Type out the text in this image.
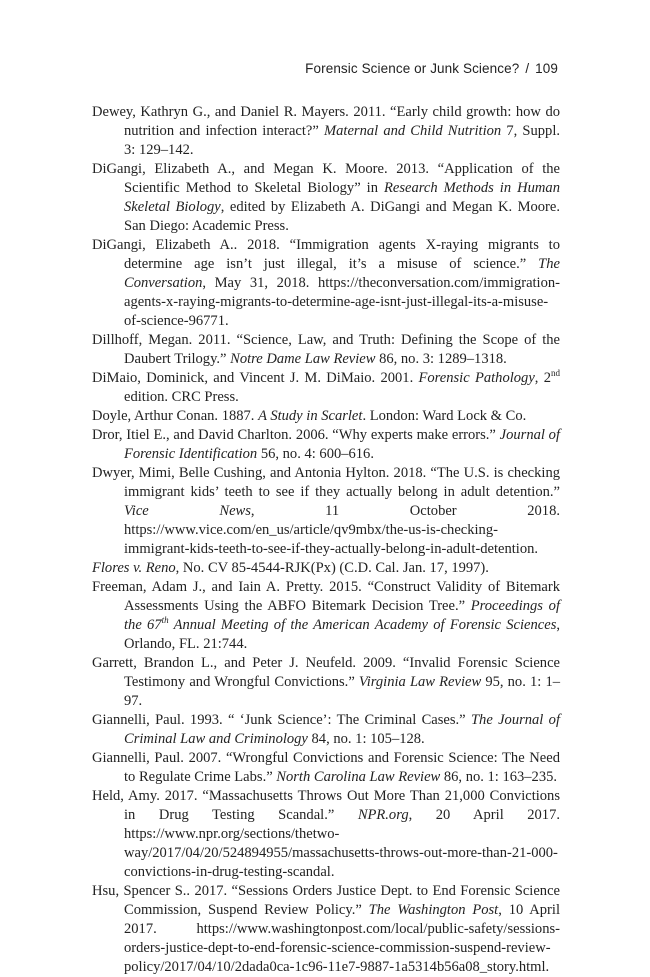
Forensic Science or Junk Science? / 109

Dewey, Kathryn G., and Daniel R. Mayers. 2011. “Early child growth: how do nutrition and infection interact?” Maternal and Child Nutrition 7, Suppl. 3: 129–142.

DiGangi, Elizabeth A., and Megan K. Moore. 2013. “Application of the Scientific Method to Skeletal Biology” in Research Methods in Human Skeletal Biology, edited by Elizabeth A. DiGangi and Megan K. Moore. San Diego: Academic Press.

DiGangi, Elizabeth A.. 2018. “Immigration agents X-raying migrants to determine age isn’t just illegal, it’s a misuse of science.” The Conversation, May 31, 2018. https://theconversation.com/immigration-agents-x-raying-migrants-to-determine-age-isnt-just-illegal-its-a-misuse-of-science-96771.

Dillhoff, Megan. 2011. “Science, Law, and Truth: Defining the Scope of the Daubert Trilogy.” Notre Dame Law Review 86, no. 3: 1289–1318.

DiMaio, Dominick, and Vincent J. M. DiMaio. 2001. Forensic Pathology, 2nd edition. CRC Press.

Doyle, Arthur Conan. 1887. A Study in Scarlet. London: Ward Lock & Co.

Dror, Itiel E., and David Charlton. 2006. “Why experts make errors.” Journal of Forensic Identification 56, no. 4: 600–616.

Dwyer, Mimi, Belle Cushing, and Antonia Hylton. 2018. “The U.S. is checking immigrant kids’ teeth to see if they actually belong in adult detention.” Vice News, 11 October 2018. https://www.vice.com/en_us/article/qv9mbx/the-us-is-checking-immigrant-kids-teeth-to-see-if-they-actually-belong-in-adult-detention.

Flores v. Reno, No. CV 85-4544-RJK(Px) (C.D. Cal. Jan. 17, 1997).

Freeman, Adam J., and Iain A. Pretty. 2015. “Construct Validity of Bitemark Assessments Using the ABFO Bitemark Decision Tree.” Proceedings of the 67th Annual Meeting of the American Academy of Forensic Sciences, Orlando, FL. 21:744.

Garrett, Brandon L., and Peter J. Neufeld. 2009. “Invalid Forensic Science Testimony and Wrongful Convictions.” Virginia Law Review 95, no. 1: 1–97.

Giannelli, Paul. 1993. “ ‘Junk Science’: The Criminal Cases.” The Journal of Criminal Law and Criminology 84, no. 1: 105–128.

Giannelli, Paul. 2007. “Wrongful Convictions and Forensic Science: The Need to Regulate Crime Labs.” North Carolina Law Review 86, no. 1: 163–235.

Held, Amy. 2017. “Massachusetts Throws Out More Than 21,000 Convictions in Drug Testing Scandal.” NPR.org, 20 April 2017. https://www.npr.org/sections/thetwo-way/2017/04/20/524894955/massachusetts-throws-out-more-than-21-000-convictions-in-drug-testing-scandal.

Hsu, Spencer S.. 2017. “Sessions Orders Justice Dept. to End Forensic Science Commission, Suspend Review Policy.” The Washington Post, 10 April 2017. https://www.washingtonpost.com/local/public-safety/sessions-orders-justice-dept-to-end-forensic-science-commission-suspend-review-policy/2017/04/10/2dada0ca-1c96-11e7-9887-1a5314b56a08_story.html.
